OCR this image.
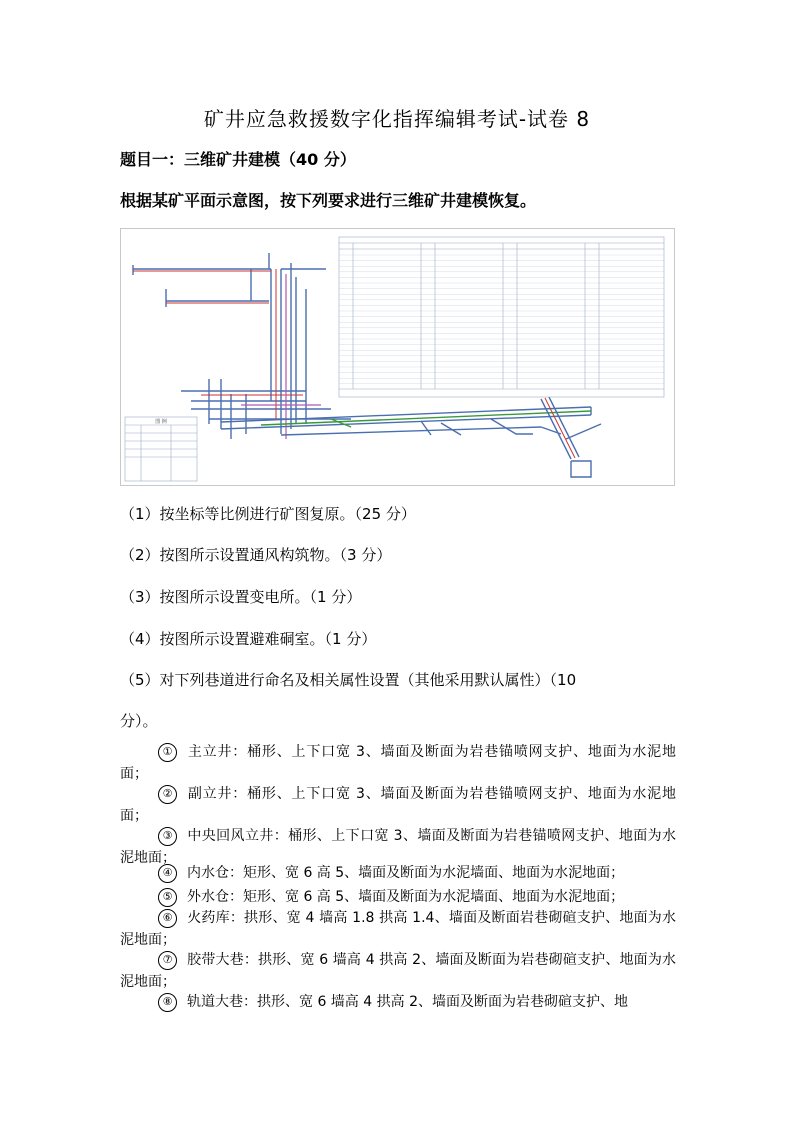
矿井应急救援数字化指挥编辑考试-试卷 8
题目一：三维矿井建模（40 分）
根据某矿平面示意图，按下列要求进行三维矿井建模恢复。
图 例
（1）按坐标等比例进行矿图复原。（25 分）
（2）按图所示设置通风构筑物。（3 分）
（3）按图所示设置变电所。（1 分）
（4）按图所示设置避难硐室。（1 分）
（5）对下列巷道进行命名及相关属性设置（其他采用默认属性）（10
分）。
① 主立井：桶形、上下口宽 3、墙面及断面为岩巷锚喷网支护、地面为水泥地面；
② 副立井：桶形、上下口宽 3、墙面及断面为岩巷锚喷网支护、地面为水泥地面；
③ 中央回风立井：桶形、上下口宽 3、墙面及断面为岩巷锚喷网支护、地面为水泥地面；
④ 内水仓：矩形、宽 6 高 5、墙面及断面为水泥墙面、地面为水泥地面；
⑤ 外水仓：矩形、宽 6 高 5、墙面及断面为水泥墙面、地面为水泥地面；
⑥ 火药库：拱形、宽 4 墙高 1.8 拱高 1.4、墙面及断面岩巷砌碹支护、地面为水泥地面；
⑦ 胶带大巷：拱形、宽 6 墙高 4 拱高 2、墙面及断面为岩巷砌碹支护、地面为水泥地面；
⑧ 轨道大巷：拱形、宽 6 墙高 4 拱高 2、墙面及断面为岩巷砌碹支护、地
